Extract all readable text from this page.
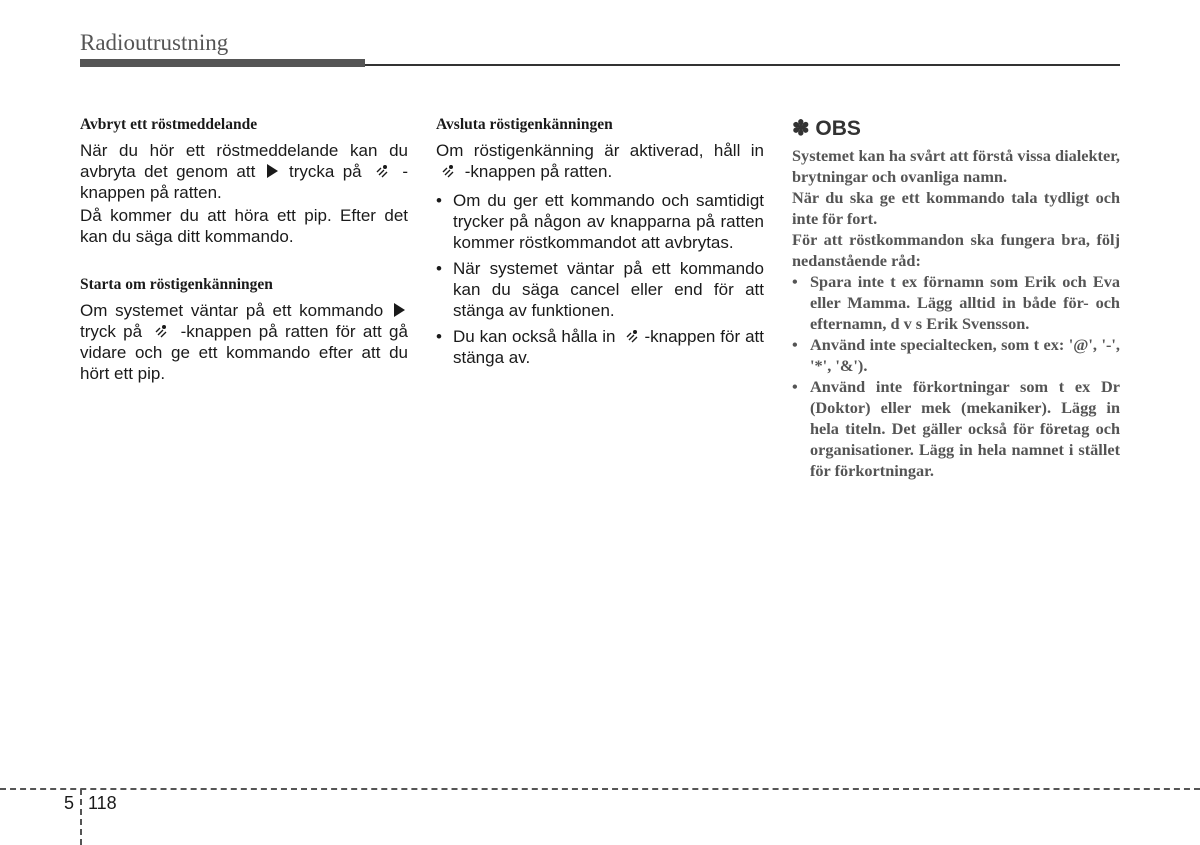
Radioutrustning
Avbryt ett röstmeddelande

När du hör ett röstmeddelande kan du avbryta det genom att trycka på -knappen på ratten.

Då kommer du att höra ett pip. Efter det kan du säga ditt kommando.

Starta om röstigenkänningen

Om systemet väntar på ett kommando  tryck på -knappen på ratten för att gå vidare och ge ett kommando efter att du hört ett pip.

Avsluta röstigenkänningen

Om röstigenkänning är aktiverad, håll in  -knappen på ratten.

• Om du ger ett kommando och samtidigt trycker på någon av knapparna på ratten kommer röstkommandot att avbrytas.
• När systemet väntar på ett kommando kan du säga cancel eller end för att stänga av funktionen.
• Du kan också hålla in -knappen för att stänga av.
✽ OBS

Systemet kan ha svårt att förstå vissa dialekter, brytningar och ovanliga namn.

När du ska ge ett kommando tala tydligt och inte för fort.

För att röstkommandon ska fungera bra, följ nedanstående råd:

• Spara inte t ex förnamn som Erik och Eva eller Mamma. Lägg alltid in både för- och efternamn, d v s Erik Svensson.
• Använd inte specialtecken, som t ex: '@', '-', '*', '&').
• Använd inte förkortningar som t ex Dr (Doktor) eller mek (mekaniker). Lägg in hela titeln. Det gäller också för företag och organisationer. Lägg in hela namnet i stället för förkortningar.
5 118
